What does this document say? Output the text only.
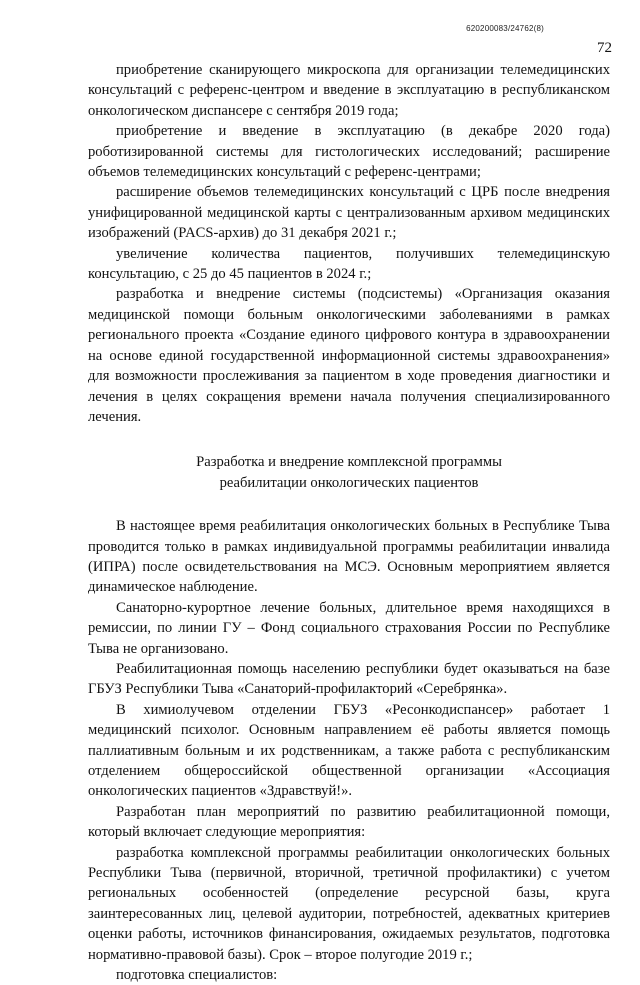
620200083/24762(8)
72

приобретение сканирующего микроскопа для организации телемедицинских консультаций с референс-центром и введение в эксплуатацию в республиканском онкологическом диспансере с сентября 2019 года;

приобретение и введение в эксплуатацию (в декабре 2020 года) роботизированной системы для гистологических исследований; расширение объемов телемедицинских консультаций с референс-центрами;

расширение объемов телемедицинских консультаций с ЦРБ после внедрения унифицированной медицинской карты с централизованным архивом медицинских изображений (PACS-архив) до 31 декабря 2021 г.;

увеличение количества пациентов, получивших телемедицинскую консультацию, с 25 до 45 пациентов в 2024 г.;

разработка и внедрение системы (подсистемы) «Организация оказания медицинской помощи больным онкологическими заболеваниями в рамках регионального проекта «Создание единого цифрового контура в здравоохранении на основе единой государственной информационной системы здравоохранения» для возможности прослеживания за пациентом в ходе проведения диагностики и лечения в целях сокращения времени начала получения специализированного лечения.

Разработка и внедрение комплексной программы
реабилитации онкологических пациентов

В настоящее время реабилитация онкологических больных в Республике Тыва проводится только в рамках индивидуальной программы реабилитации инвалида (ИПРА) после освидетельствования на МСЭ. Основным мероприятием является динамическое наблюдение.

Санаторно-курортное лечение больных, длительное время находящихся в ремиссии, по линии ГУ – Фонд социального страхования России по Республике Тыва не организовано.

Реабилитационная помощь населению республики будет оказываться на базе ГБУЗ Республики Тыва «Санаторий-профилакторий «Серебрянка».

В химиолучевом отделении ГБУЗ «Ресонкодиспансер» работает 1 медицинский психолог. Основным направлением её работы является помощь паллиативным больным и их родственникам, а также работа с республиканским отделением общероссийской общественной организации «Ассоциация онкологических пациентов «Здравствуй!».

Разработан план мероприятий по развитию реабилитационной помощи, который включает следующие мероприятия:

разработка комплексной программы реабилитации онкологических больных Республики Тыва (первичной, вторичной, третичной профилактики) с учетом региональных особенностей (определение ресурсной базы, круга заинтересованных лиц, целевой аудитории, потребностей, адекватных критериев оценки работы, источников финансирования, ожидаемых результатов, подготовка нормативно-правовой базы). Срок – второе полугодие 2019 г.;

подготовка специалистов:
